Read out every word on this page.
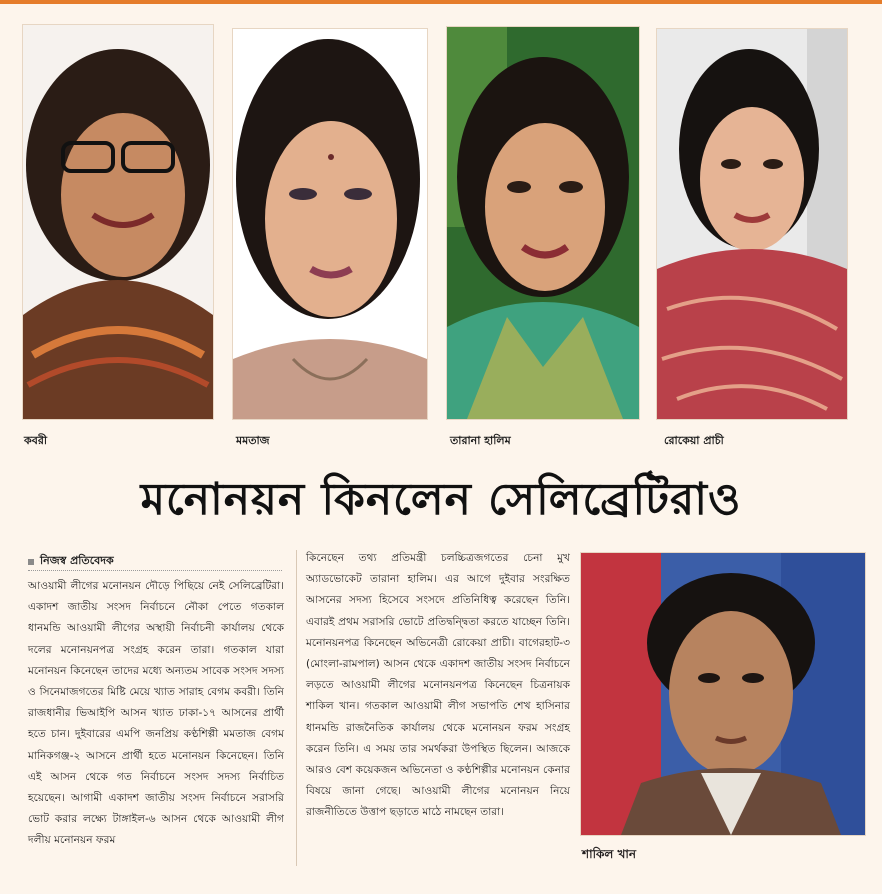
কবরী	মমতাজ	তারানা হালিম	রোকেয়া প্রাচী
মনোনয়ন কিনলেন সেলিব্রেটিরাও
নিজস্ব প্রতিবেদক
আওয়ামী লীগের মনোনয়ন দৌড়ে পিছিয়ে নেই সেলিব্রেটিরা। একাদশ জাতীয় সংসদ নির্বাচনে নৌকা পেতে গতকাল ধানমন্ডি আওয়ামী লীগের অস্থায়ী নির্বাচনী কার্যালয় থেকে দলের মনোনয়নপত্র সংগ্রহ করেন তারা। গতকাল যারা মনোনয়ন কিনেছেন তাদের মধ্যে অন্যতম সাবেক সংসদ সদস্য ও সিনেমাজগতের মিষ্টি মেয়ে খ্যাত সারাহ বেগম কবরী। তিনি রাজধানীর ভিআইপি আসন খ্যাত ঢাকা-১৭ আসনের প্রার্থী হতে চান। দুইবারের এমপি জনপ্রিয় কণ্ঠশিল্পী মমতাজ বেগম মানিকগঞ্জ-২ আসনে প্রার্থী হতে মনোনয়ন কিনেছেন। তিনি এই আসন থেকে গত নির্বাচনে সংসদ সদস্য নির্বাচিত হয়েছেন। আগামী একাদশ জাতীয় সংসদ নির্বাচনে সরাসরি ভোট করার লক্ষ্যে টাঙ্গাইল-৬ আসন থেকে আওয়ামী লীগ দলীয় মনোনয়ন ফরম
কিনেছেন তথ্য প্রতিমন্ত্রী চলচ্চিত্রজগতের চেনা মুখ অ্যাডভোকেট তারানা হালিম। এর আগে দুইবার সংরক্ষিত আসনের সদস্য হিসেবে সংসদে প্রতিনিধিত্ব করেছেন তিনি। এবারই প্রথম সরাসরি ভোটে প্রতিদ্বন্দ্বিতা করতে যাচ্ছেন তিনি। মনোনয়নপত্র কিনেছেন অভিনেত্রী রোকেয়া প্রাচী। বাগেরহাট-৩ (মোংলা-রামপাল) আসন থেকে একাদশ জাতীয় সংসদ নির্বাচনে লড়তে আওয়ামী লীগের মনোনয়নপত্র কিনেছেন চিত্রনায়ক শাকিল খান। গতকাল আওয়ামী লীগ সভাপতি শেখ হাসিনার ধানমন্ডি রাজনৈতিক কার্যালয় থেকে মনোনয়ন ফরম সংগ্রহ করেন তিনি। এ সময় তার সমর্থকরা উপস্থিত ছিলেন। আজকে আরও বেশ কয়েকজন অভিনেতা ও কণ্ঠশিল্পীর মনোনয়ন কেনার বিষয়ে জানা গেছে। আওয়ামী লীগের মনোনয়ন নিয়ে রাজনীতিতে উত্তাপ ছড়াতে মাঠে নামছেন তারা।
শাকিল খান
